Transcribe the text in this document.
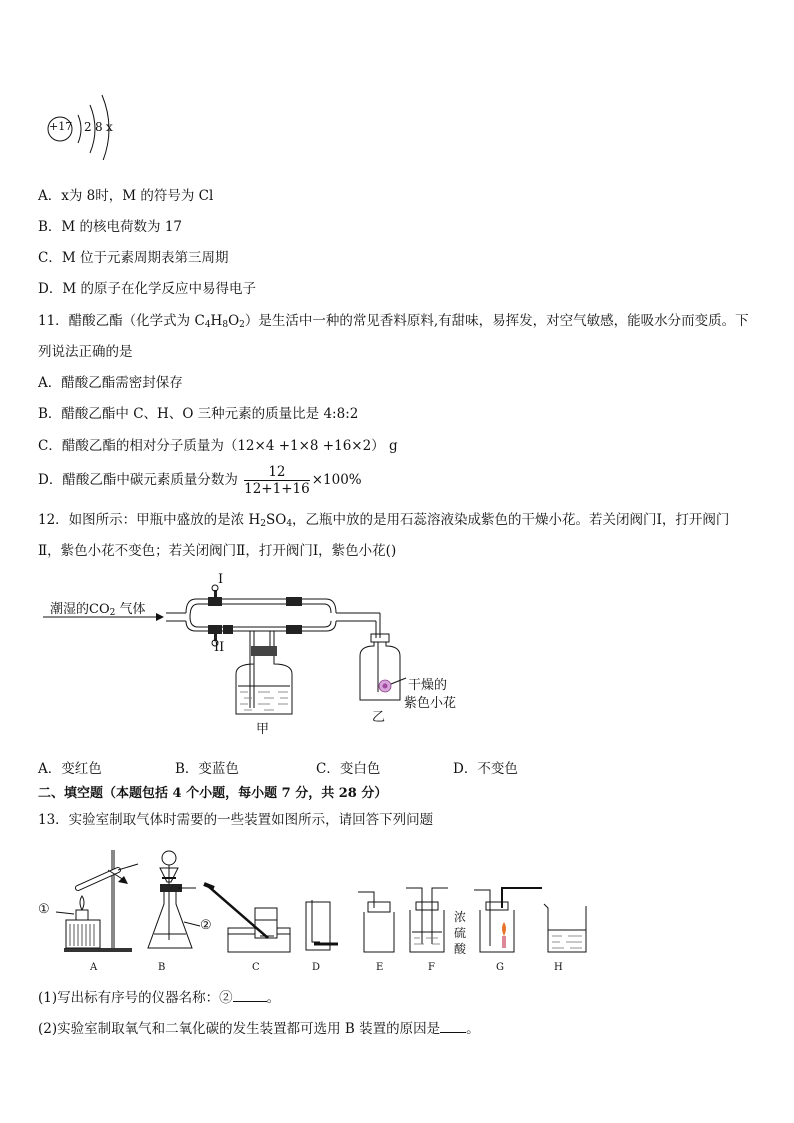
+17 2 8 x
A．x为 8时，M 的符号为 Cl
B．M 的核电荷数为 17
C．M 位于元素周期表第三周期
D．M 的原子在化学反应中易得电子
11．醋酸乙酯（化学式为 $C_4H_8O_2$）是生活中一种的常见香料原料,有甜味，易挥发，对空气敏感，能吸水分而变质。下
列说法正确的是
A．醋酸乙酯需密封保存
B．醋酸乙酯中 C、H、O 三种元素的质量比是 4:8:2
C．醋酸乙酯的相对分子质量为（12×4 +1×8 +16×2） g
D．醋酸乙酯中碳元素质量分数为 $\frac{12}{12+1+16} \times 100\%$
12．如图所示：甲瓶中盛放的是浓 $H_2SO_4$，乙瓶中放的是用石蕊溶液染成紫色的干燥小花。若关闭阀门Ⅰ，打开阀门
Ⅱ，紫色小花不变色；若关闭阀门Ⅱ，打开阀门Ⅰ，紫色小花()
潮湿的$CO_2$ 气体
I
II
甲
乙
干燥的
紫色小花
A．变红色	B．变蓝色	C．变白色	D．不变色
二、填空题（本题包括 4 个小题，每小题 7 分，共 28 分）
13．实验室制取气体时需要的一些装置如图所示，请回答下列问题
①
②
A	B	C	D	E	F	G	H
浓
硫
酸
(1)写出标有序号的仪器名称：②	。
(2)实验室制取氧气和二氧化碳的发生装置都可选用 B 装置的原因是 。
